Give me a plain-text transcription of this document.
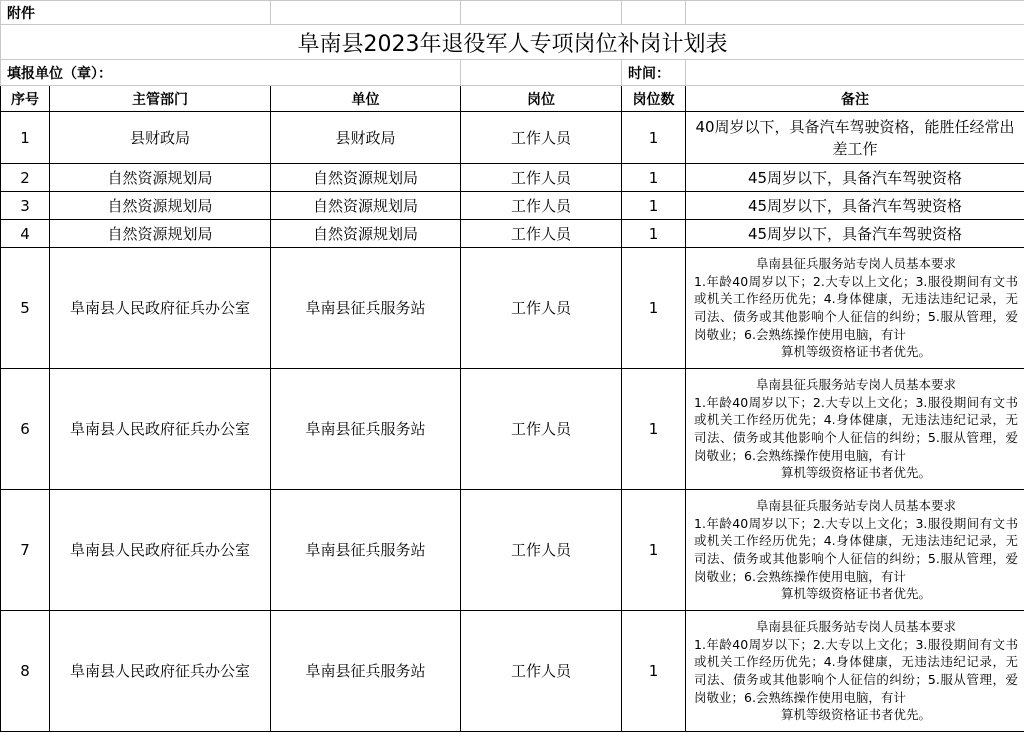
附件					
阜南县2023年退役军人专项岗位补岗计划表					
填报单位（章）：				时间：	
序号	主管部门	单位	岗位	岗位数	备注
1	县财政局	县财政局	工作人员	1	40周岁以下，具备汽车驾驶资格，能胜任经常出差工作
2	自然资源规划局	自然资源规划局	工作人员	1	45周岁以下，具备汽车驾驶资格
3	自然资源规划局	自然资源规划局	工作人员	1	45周岁以下，具备汽车驾驶资格
4	自然资源规划局	自然资源规划局	工作人员	1	45周岁以下，具备汽车驾驶资格
5	阜南县人民政府征兵办公室	阜南县征兵服务站	工作人员	1	阜南县征兵服务站专岗人员基本要求
1.年龄40周岁以下；2.大专以上文化；3.服役期间有文书或机关工作经历优先；4.身体健康，无违法违纪记录，无司法、债务或其他影响个人征信的纠纷；5.服从管理，爱岗敬业；6.会熟练操作使用电脑，有计
算机等级资格证书者优先。

6	阜南县人民政府征兵办公室	阜南县征兵服务站	工作人员	1	阜南县征兵服务站专岗人员基本要求
1.年龄40周岁以下；2.大专以上文化；3.服役期间有文书或机关工作经历优先；4.身体健康，无违法违纪记录，无司法、债务或其他影响个人征信的纠纷；5.服从管理，爱岗敬业；6.会熟练操作使用电脑，有计
算机等级资格证书者优先。

7	阜南县人民政府征兵办公室	阜南县征兵服务站	工作人员	1	阜南县征兵服务站专岗人员基本要求
1.年龄40周岁以下；2.大专以上文化；3.服役期间有文书或机关工作经历优先；4.身体健康，无违法违纪记录，无司法、债务或其他影响个人征信的纠纷；5.服从管理，爱岗敬业；6.会熟练操作使用电脑，有计
算机等级资格证书者优先。

8	阜南县人民政府征兵办公室	阜南县征兵服务站	工作人员	1	阜南县征兵服务站专岗人员基本要求
1.年龄40周岁以下；2.大专以上文化；3.服役期间有文书或机关工作经历优先；4.身体健康，无违法违纪记录，无司法、债务或其他影响个人征信的纠纷；5.服从管理，爱岗敬业；6.会熟练操作使用电脑，有计
算机等级资格证书者优先。
